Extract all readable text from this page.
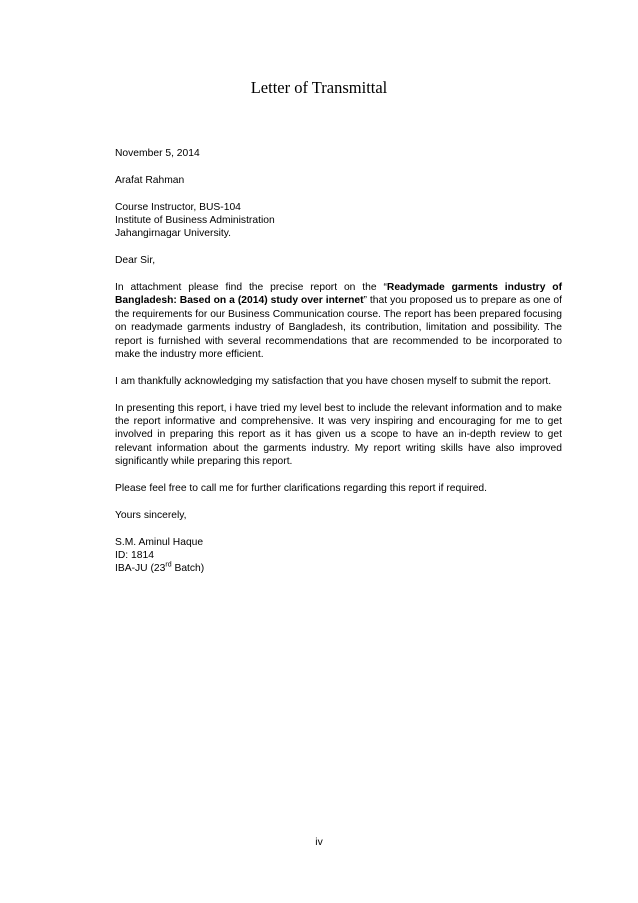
Letter of Transmittal

November 5, 2014

Arafat Rahman

Course Instructor, BUS-104
Institute of Business Administration
Jahangirnagar University.

Dear Sir,

In attachment please find the precise report on the “Readymade garments industry of Bangladesh: Based on a (2014) study over internet” that you proposed us to prepare as one of the requirements for our Business Communication course. The report has been prepared focusing on readymade garments industry of Bangladesh, its contribution, limitation and possibility. The report is furnished with several recommendations that are recommended to be incorporated to make the industry more efficient.

I am thankfully acknowledging my satisfaction that you have chosen myself to submit the report.

In presenting this report, i have tried my level best to include the relevant information and to make the report informative and comprehensive. It was very inspiring and encouraging for me to get involved in preparing this report as it has given us a scope to have an in-depth review to get relevant information about the garments industry. My report writing skills have also improved significantly while preparing this report.

Please feel free to call me for further clarifications regarding this report if required.

Yours sincerely,

S.M. Aminul Haque
ID: 1814
IBA-JU (23rd Batch)

iv
